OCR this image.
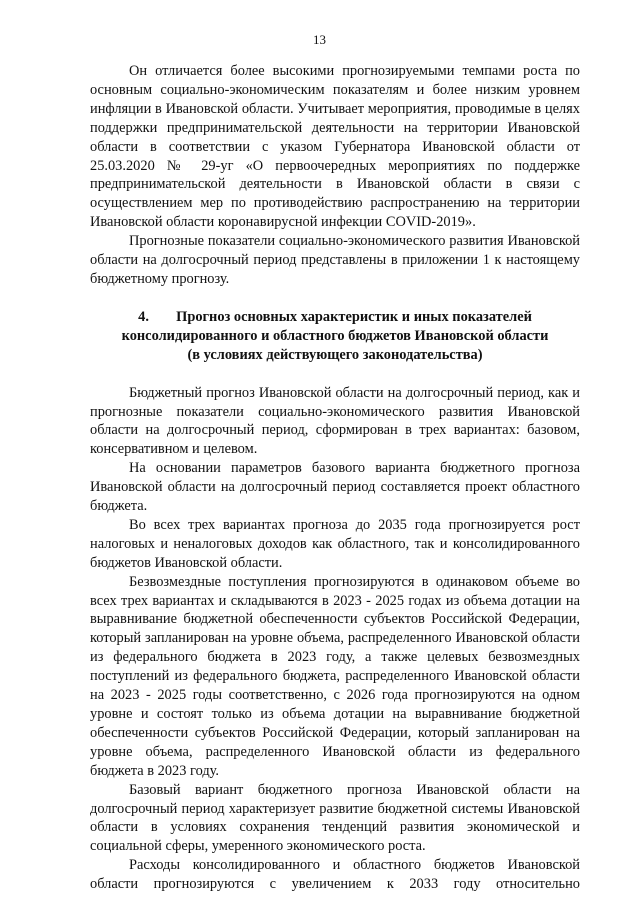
13

Он отличается более высокими прогнозируемыми темпами роста по основным социально-экономическим показателям и более низким уровнем инфляции в Ивановской области. Учитывает мероприятия, проводимые в целях поддержки предпринимательской деятельности на территории Ивановской области в соответствии с указом Губернатора Ивановской области от 25.03.2020 № 29-уг «О первоочередных мероприятиях по поддержке предпринимательской деятельности в Ивановской области в связи с осуществлением мер по противодействию распространению на территории Ивановской области коронавирусной инфекции COVID-2019».

Прогнозные показатели социально-экономического развития Ивановской области на долгосрочный период представлены в приложении 1 к настоящему бюджетному прогнозу.

4. Прогноз основных характеристик и иных показателей
консолидированного и областного бюджетов Ивановской области
(в условиях действующего законодательства)

Бюджетный прогноз Ивановской области на долгосрочный период, как и прогнозные показатели социально-экономического развития Ивановской области на долгосрочный период, сформирован в трех вариантах: базовом, консервативном и целевом.

На основании параметров базового варианта бюджетного прогноза Ивановской области на долгосрочный период составляется проект областного бюджета.

Во всех трех вариантах прогноза до 2035 года прогнозируется рост налоговых и неналоговых доходов как областного, так и консолидированного бюджетов Ивановской области.

Безвозмездные поступления прогнозируются в одинаковом объеме во всех трех вариантах и складываются в 2023 - 2025 годах из объема дотации на выравнивание бюджетной обеспеченности субъектов Российской Федерации, который запланирован на уровне объема, распределенного Ивановской области из федерального бюджета в 2023 году, а также целевых безвозмездных поступлений из федерального бюджета, распределенного Ивановской области на 2023 - 2025 годы соответственно, с 2026 года прогнозируются на одном уровне и состоят только из объема дотации на выравнивание бюджетной обеспеченности субъектов Российской Федерации, который запланирован на уровне объема, распределенного Ивановской области из федерального бюджета в 2023 году.

Базовый вариант бюджетного прогноза Ивановской области на долгосрочный период характеризует развитие бюджетной системы Ивановской области в условиях сохранения тенденций развития экономической и социальной сферы, умеренного экономического роста.

Расходы консолидированного и областного бюджетов Ивановской области прогнозируются с увеличением к 2033 году относительно
